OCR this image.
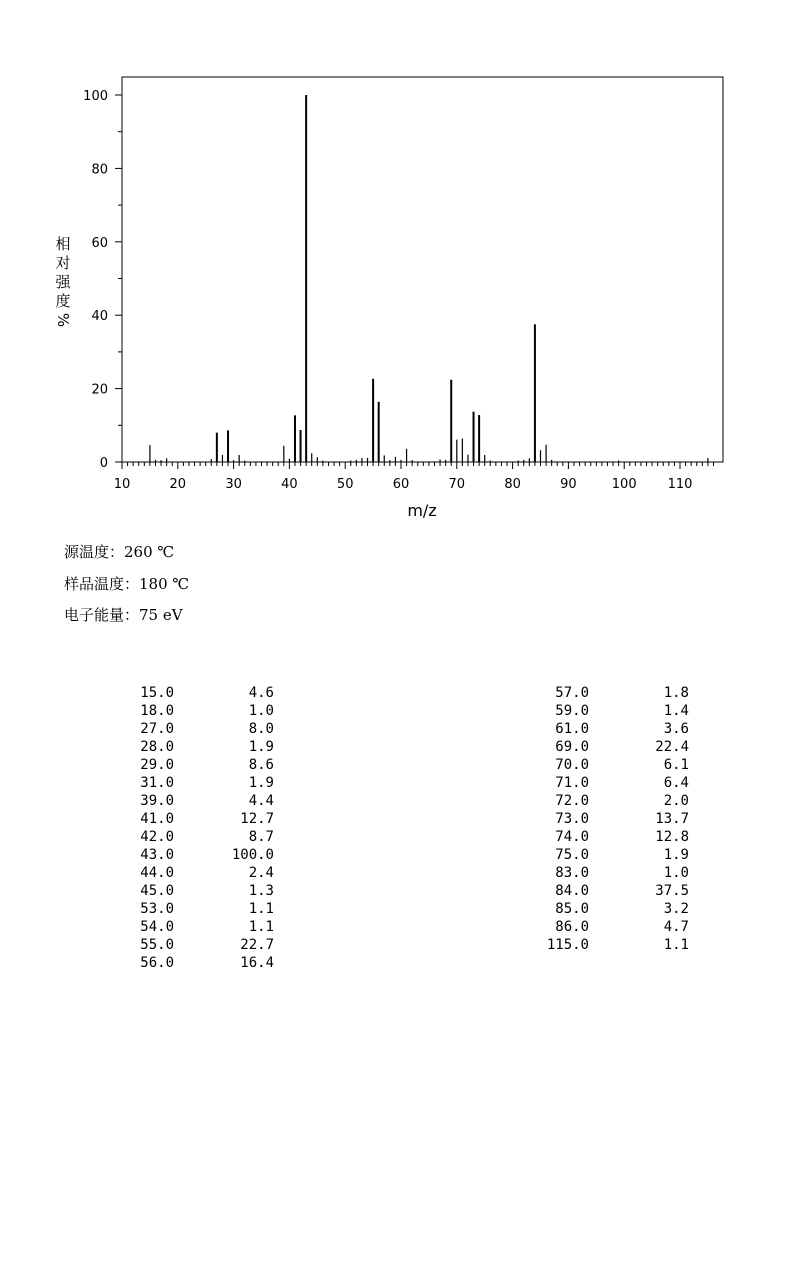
10	20	30	40	50	60	70	80	90	100 110
0
20
40
60
80
100
m/z
相
对
强
度
%
源温度：260 ℃
样品温度：180 ℃
电子能量：75 eV
15.0	4.6
18.0	1.0
27.0	8.0
28.0	1.9
29.0	8.6
31.0	1.9
39.0	4.4
41.0	12.7
42.0	8.7
43.0	100.0
44.0	2.4
45.0	1.3
53.0	1.1
54.0	1.1
55.0	22.7
56.0	16.4
57.0	1.8
59.0	1.4
61.0	3.6
69.0	22.4
70.0	6.1
71.0	6.4
72.0	2.0
73.0	13.7
74.0	12.8
75.0	1.9
83.0	1.0
84.0	37.5
85.0	3.2
86.0	4.7
115.0	1.1
